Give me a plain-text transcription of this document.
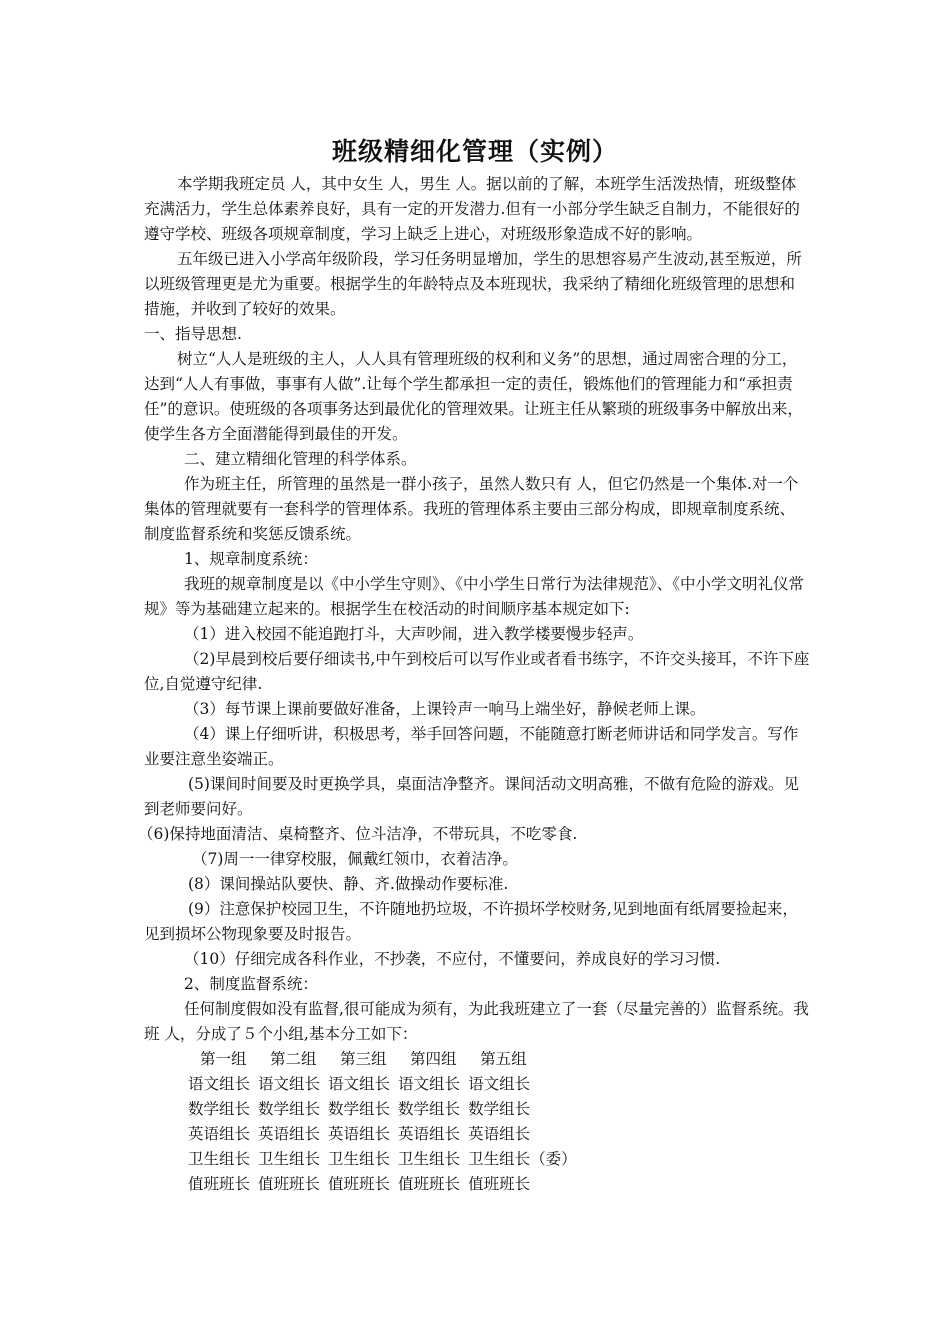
班级精细化管理（实例）

本学期我班定员 人，其中女生 人，男生 人。据以前的了解，本班学生活泼热情，班级整体充满活力，学生总体素养良好，具有一定的开发潜力.但有一小部分学生缺乏自制力，不能很好的遵守学校、班级各项规章制度，学习上缺乏上进心，对班级形象造成不好的影响。

五年级已进入小学高年级阶段，学习任务明显增加，学生的思想容易产生波动,甚至叛逆，所以班级管理更是尤为重要。根据学生的年龄特点及本班现状，我采纳了精细化班级管理的思想和措施，并收到了较好的效果。

一、指导思想.

树立“人人是班级的主人，人人具有管理班级的权利和义务”的思想，通过周密合理的分工，达到“人人有事做，事事有人做”.让每个学生都承担一定的责任，锻炼他们的管理能力和“承担责任”的意识。使班级的各项事务达到最优化的管理效果。让班主任从繁琐的班级事务中解放出来，使学生各方全面潜能得到最佳的开发。

二、建立精细化管理的科学体系。

作为班主任，所管理的虽然是一群小孩子，虽然人数只有 人，但它仍然是一个集体.对一个集体的管理就要有一套科学的管理体系。我班的管理体系主要由三部分构成，即规章制度系统、制度监督系统和奖惩反馈系统。

1、规章制度系统：

我班的规章制度是以《中小学生守则》、《中小学生日常行为法律规范》、《中小学文明礼仪常规》等为基础建立起来的。根据学生在校活动的时间顺序基本规定如下:

（1）进入校园不能追跑打斗，大声吵闹，进入教学楼要慢步轻声。

（2)早晨到校后要仔细读书,中午到校后可以写作业或者看书练字，不许交头接耳，不许下座位,自觉遵守纪律.

（3）每节课上课前要做好准备，上课铃声一响马上端坐好，静候老师上课。

（4）课上仔细听讲，积极思考，举手回答问题，不能随意打断老师讲话和同学发言。写作业要注意坐姿端正。

(5)课间时间要及时更换学具，桌面洁净整齐。课间活动文明高雅，不做有危险的游戏。见到老师要问好。

（6)保持地面清洁、桌椅整齐、位斗洁净，不带玩具，不吃零食.

（7)周一一律穿校服，佩戴红领巾，衣着洁净。

(8）课间操站队要快、静、齐.做操动作要标准.

(9）注意保护校园卫生，不许随地扔垃圾，不许损坏学校财务,见到地面有纸屑要捡起来，见到损坏公物现象要及时报告。

（10）仔细完成各科作业，不抄袭，不应付，不懂要问，养成良好的学习习惯.

2、制度监督系统：

任何制度假如没有监督,很可能成为须有，为此我班建立了一套（尽量完善的）监督系统。我班 人，分成了５个小组,基本分工如下：

第一组	第二组	第三组	第四组	第五组
语文组长	语文组长	语文组长	语文组长	语文组长
数学组长	数学组长	数学组长	数学组长	数学组长
英语组长	英语组长	英语组长	英语组长	英语组长
卫生组长	卫生组长	卫生组长	卫生组长	卫生组长（委）
值班班长	值班班长	值班班长	值班班长	值班班长
